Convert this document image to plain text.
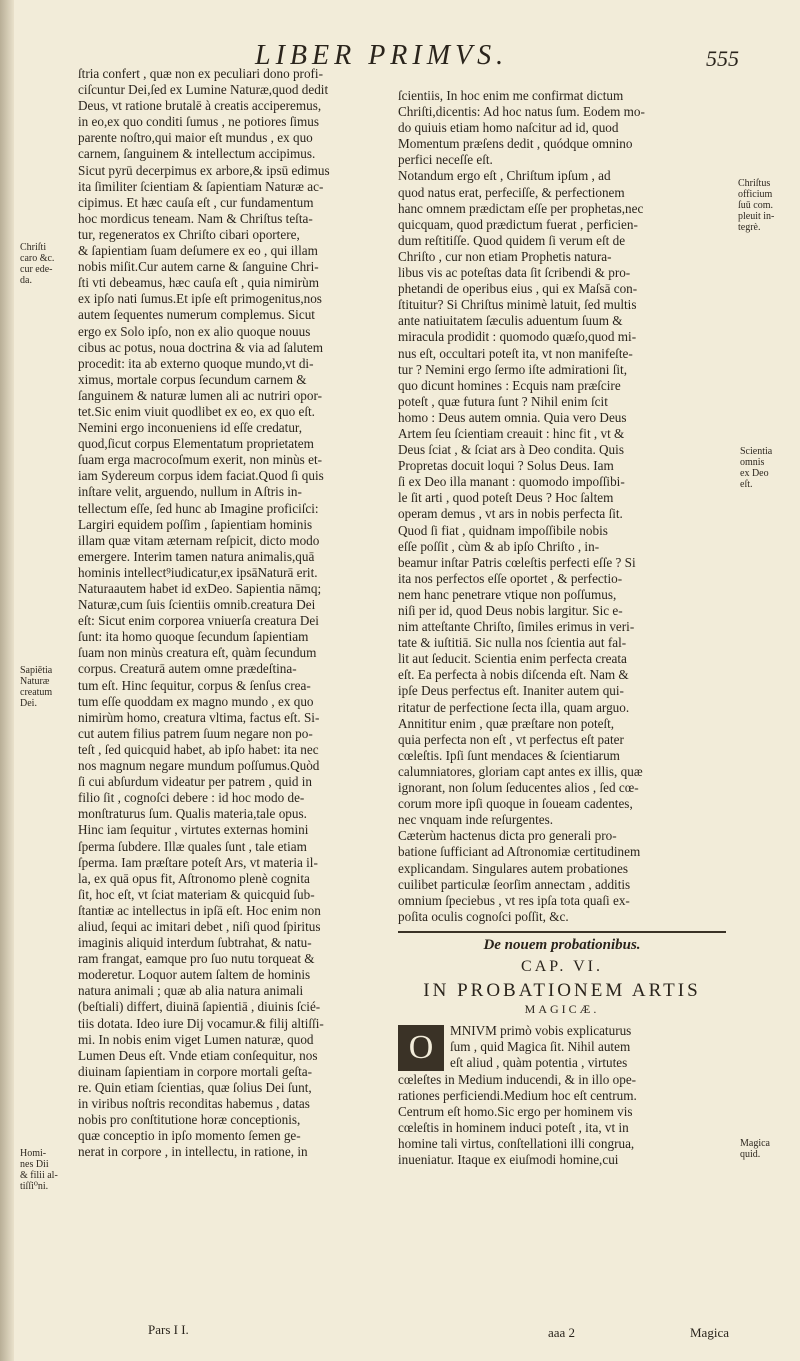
LIBER PRIMVS.	555
ſtria confert , quæ non ex peculiari dono profi-
ciſcuntur Dei,ſed ex Lumine Naturæ,quod dedit
Deus, vt ratione brutalē à creatis acciperemus,
in eo,ex quo conditi ſumus , ne potiores ſimus
parente noſtro,qui maior eſt mundus , ex quo
carnem, ſanguinem & intellectum accipimus.
Sicut pyrū decerpimus ex arbore,& ipsū edimus
ita ſimiliter ſcientiam & ſapientiam Naturæ ac-
cipimus. Et hæc cauſa eſt , cur fundamentum
hoc mordicus teneam. Nam & Chriſtus teſta-
tur, regeneratos ex Chriſto cibari oportere,
& ſapientiam ſuam deſumere ex eo , qui illam
nobis miſit.Cur autem carne & ſanguine Chri-
ſti vti debeamus, hæc cauſa eſt , quia nimirùm
ex ipſo nati ſumus.Et ipſe eſt primogenitus,nos
autem ſequentes numerum complemus. Sicut
ergo ex Solo ipſo, non ex alio quoque nouus
cibus ac potus, noua doctrina & via ad ſalutem
procedit: ita ab externo quoque mundo,vt di-
ximus, mortale corpus ſecundum carnem &
ſanguinem & naturæ lumen ali ac nutriri opor-
tet.Sic enim viuit quodlibet ex eo, ex quo eſt.
Nemini ergo inconueniens id eſſe credatur,
quod,ſicut corpus Elementatum proprietatem
ſuam erga macrocoſmum exerit, non minùs et-
iam Sydereum corpus idem faciat.Quod ſi quis
inſtare velit, arguendo, nullum in Aſtris in-
tellectum eſſe, ſed hunc ab Imagine proficiſci:
Largiri equidem poſſim , ſapientiam hominis
illam quæ vitam æternam reſpicit, dicto modo
emergere. Interim tamen natura animalis,quā
hominis intellect⁹iudicatur,ex ipsāNaturā erit.
Naturaautem habet id exDeo. Sapientia nāmq;
Naturæ,cum ſuis ſcientiis omnib.creatura Dei
eſt: Sicut enim corporea vniuerſa creatura Dei
ſunt: ita homo quoque ſecundum ſapientiam
ſuam non minùs creatura eſt, quàm ſecundum
corpus. Creaturā autem omne prædeſtina-
tum eſt. Hinc ſequitur, corpus & ſenſus crea-
tum eſſe quoddam ex magno mundo , ex quo
nimirùm homo, creatura vltima, factus eſt. Si-
cut autem filius patrem ſuum negare non po-
teſt , ſed quicquid habet, ab ipſo habet: ita nec
nos magnum negare mundum poſſumus.Quòd
ſi cui abſurdum videatur per patrem , quid in
filio ſit , cognoſci debere : id hoc modo de-
monſtraturus ſum. Qualis materia,tale opus.
Hinc iam ſequitur , virtutes externas homini
ſperma ſubdere. Illæ quales ſunt , tale etiam
ſperma. Iam præſtare poteſt Ars, vt materia il-
la, ex quā opus fit, Aſtronomo plenè cognita
ſit, hoc eſt, vt ſciat materiam & quicquid ſub-
ſtantiæ ac intellectus in ipſā eſt. Hoc enim non
aliud, ſequi ac imitari debet , niſi quod ſpiritus
imaginis aliquid interdum ſubtrahat, & natu-
ram frangat, eamque pro ſuo nutu torqueat &
moderetur. Loquor autem ſaltem de hominis
natura animali ; quæ ab alia natura animali
(beſtiali) differt, diuinā ſapientiā , diuinis ſcié-
tiis dotata. Ideo iure Dij vocamur.& filij altiſſi-
mi. In nobis enim viget Lumen naturæ, quod
Lumen Deus eſt. Vnde etiam conſequitur, nos
diuinam ſapientiam in corpore mortali geſta-
re. Quin etiam ſcientias, quæ ſolius Dei ſunt,
in viribus noſtris reconditas habemus , datas
nobis pro conſtitutione horæ conceptionis,
quæ conceptio in ipſo momento ſemen ge-
nerat in corpore , in intellectu, in ratione, in
Chriſti
caro &c.
cur ede-
da.
Sapiētia
Naturæ
creatum
Dei.
Homi-
nes Dii
& filii al-
tiſſi⁰ni.
Pars I I.
ſcientiis, In hoc enim me confirmat dictum
Chriſti,dicentis: Ad hoc natus ſum. Eodem mo-
do quiuis etiam homo naſcitur ad id, quod
Momentum præſens dedit , quódque omnino
perfici neceſſe eſt.
Notandum ergo eſt , Chriſtum ipſum , ad
quod natus erat, perfeciſſe, & perfectionem
hanc omnem prædictam eſſe per prophetas,nec
quicquam, quod prædictum fuerat , perficien-
dum reſtitiſſe. Quod quidem ſi verum eſt de
Chriſto , cur non etiam Prophetis natura-
libus vis ac poteſtas data ſit ſcribendi & pro-
phetandi de operibus eius , qui ex Maſsā con-
ſtituitur? Si Chriſtus minimè latuit, ſed multis
ante natiuitatem ſæculis aduentum ſuum &
miracula prodidit : quomodo quæſo,quod mi-
nus eſt, occultari poteſt ita, vt non manifeſte-
tur ? Nemini ergo ſermo iſte admirationi ſit,
quo dicunt homines : Ecquis nam præſcire
poteſt , quæ futura ſunt ? Nihil enim ſcit
homo : Deus autem omnia. Quia vero Deus
Artem ſeu ſcientiam creauit : hinc fit , vt &
Deus ſciat , & ſciat ars à Deo condita. Quis
Propretas docuit loqui ? Solus Deus. Iam
ſi ex Deo illa manant : quomodo impoſſibi-
le ſit arti , quod poteſt Deus ? Hoc ſaltem
operam demus , vt ars in nobis perfecta ſit.
Quod ſi fiat , quidnam impoſſibile nobis
eſſe poſſit , cùm & ab ipſo Chriſto , in-
beamur inſtar Patris cœleſtis perfecti eſſe ? Si
ita nos perfectos eſſe oportet , & perfectio-
nem hanc penetrare vtique non poſſumus,
niſi per id, quod Deus nobis largitur. Sic e-
nim atteſtante Chriſto, ſimiles erimus in veri-
tate & iuſtitiā. Sic nulla nos ſcientia aut fal-
lit aut ſeducit. Scientia enim perfecta creata
eſt. Ea perfecta à nobis diſcenda eſt. Nam &
ipſe Deus perfectus eſt. Inaniter autem qui-
ritatur de perfectione ſecta illa, quam arguo.
Annititur enim , quæ præſtare non poteſt,
quia perfecta non eſt , vt perfectus eſt pater
cœleſtis. Ipſi ſunt mendaces & ſcientiarum
calumniatores, gloriam capt antes ex illis, quæ
ignorant, non ſolum ſeducentes alios , ſed cœ-
corum more ipſi quoque in ſoueam cadentes,
nec vnquam inde reſurgentes.
Cæterùm hactenus dicta pro generali pro-
batione ſufficiant ad Aſtronomiæ certitudinem
explicandam. Singulares autem probationes
cuilibet particulæ ſeorſim annectam , additis
omnium ſpeciebus , vt res ipſa tota quaſi ex-
poſita oculis cognoſci poſſit, &c.
De nouem probationibus.
CAP. VI.
IN PROBATIONEM ARTIS
MAGICÆ.
O	MNIVM primò vobis explicaturus
ſum , quid Magica ſit. Nihil autem
eſt aliud , quàm potentia , virtutes
cœleſtes in Medium inducendi, & in illo ope-
rationes perficiendi.Medium hoc eſt centrum.
Centrum eſt homo.Sic ergo per hominem vis
cœleſtis in hominem induci poteſt , ita, vt in
homine tali virtus, conſtellationi illi congrua,
inueniatur. Itaque ex eiuſmodi homine,cui
Chriſtus
officium
ſuū com.
pleuit in-
tegrè.
Scientia
omnis
ex Deo
eſt.
Magica
quid.
aaa 2	Magica
